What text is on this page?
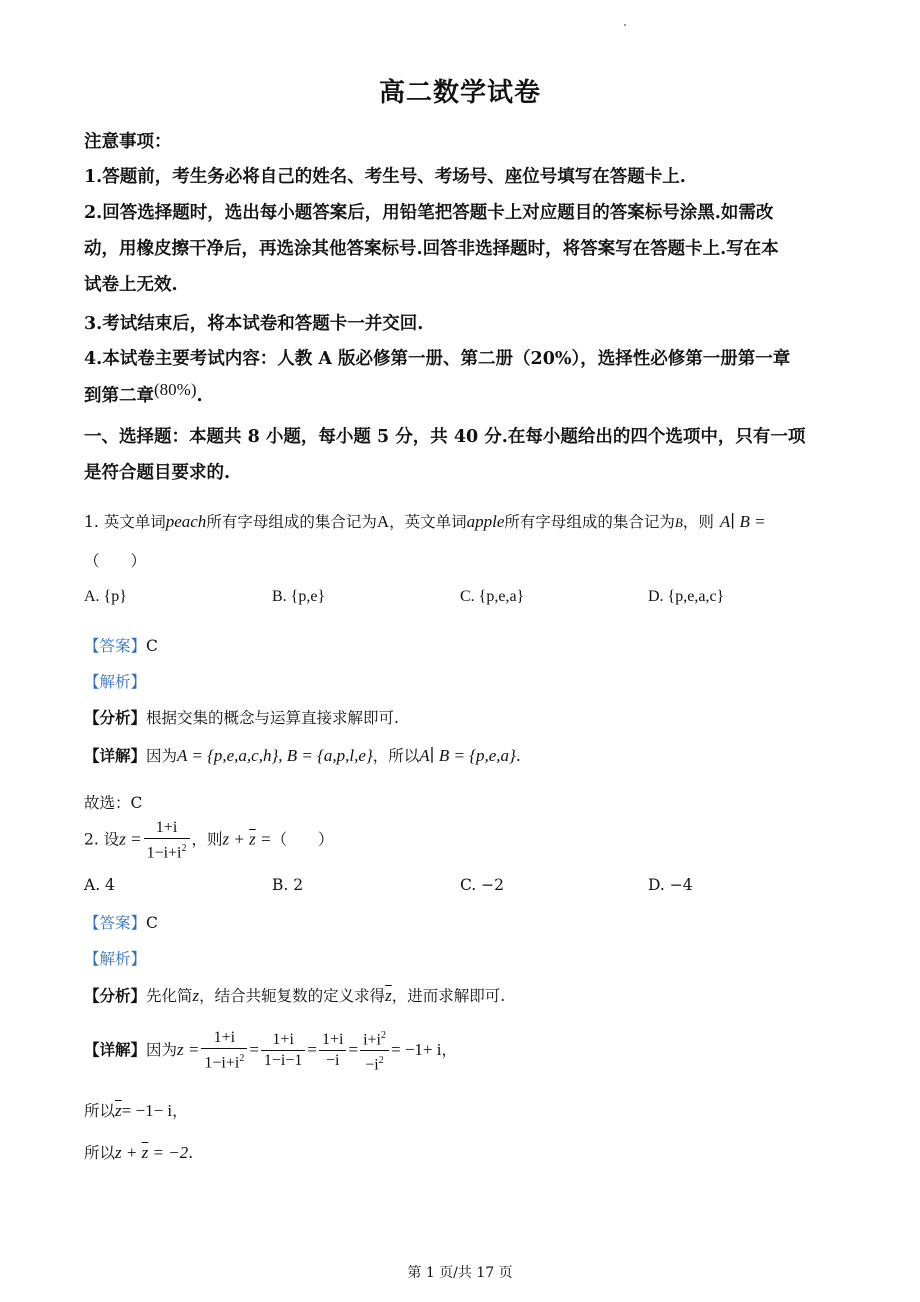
高二数学试卷
注意事项：
1.答题前，考生务必将自己的姓名、考生号、考场号、座位号填写在答题卡上.
2.回答选择题时，选出每小题答案后，用铅笔把答题卡上对应题目的答案标号涂黑.如需改
动，用橡皮擦干净后，再选涂其他答案标号.回答非选择题时，将答案写在答题卡上.写在本
试卷上无效.
3.考试结束后，将本试卷和答题卡一并交回.
4.本试卷主要考试内容：人教 A 版必修第一册、第二册（20%），选择性必修第一册第一章
到第二章(80%).
一、选择题：本题共 8 小题，每小题 5 分，共 40 分.在每小题给出的四个选项中，只有一项
是符合题目要求的.
1. 英文单词peach所有字母组成的集合记为A，英文单词apple所有字母组成的集合记为B，则 A∣ B =
（　　）
A. {p}	B. {p,e}	C. {p,e,a}	D. {p,e,a,c}
【答案】C
【解析】
【分析】根据交集的概念与运算直接求解即可.
【详解】因为A = {p,e,a,c,h}, B = {a,p,l,e}，所以A∣ B = {p,e,a}.
故选：C
2. 设$z = \frac{1+i}{1-i+i^2}$ ，则$z + \overline{z}$ =（　　）
A. 4	B. 2	C. −2	D. −4
【答案】C
【解析】
【分析】先化简z，结合共轭复数的定义求得$\overline{z}$，进而求解即可.
【详解】因为$z = \frac{1+i}{1-i+i^2} = \frac{1+i}{1-i-1} = \frac{1+i}{-i} = \frac{i+i^2}{-i^2} = -1+ i$，
所以$\overline{z}= -1- i$，
所以$z + \overline{z} = -2$.
第 1 页/共 17 页
